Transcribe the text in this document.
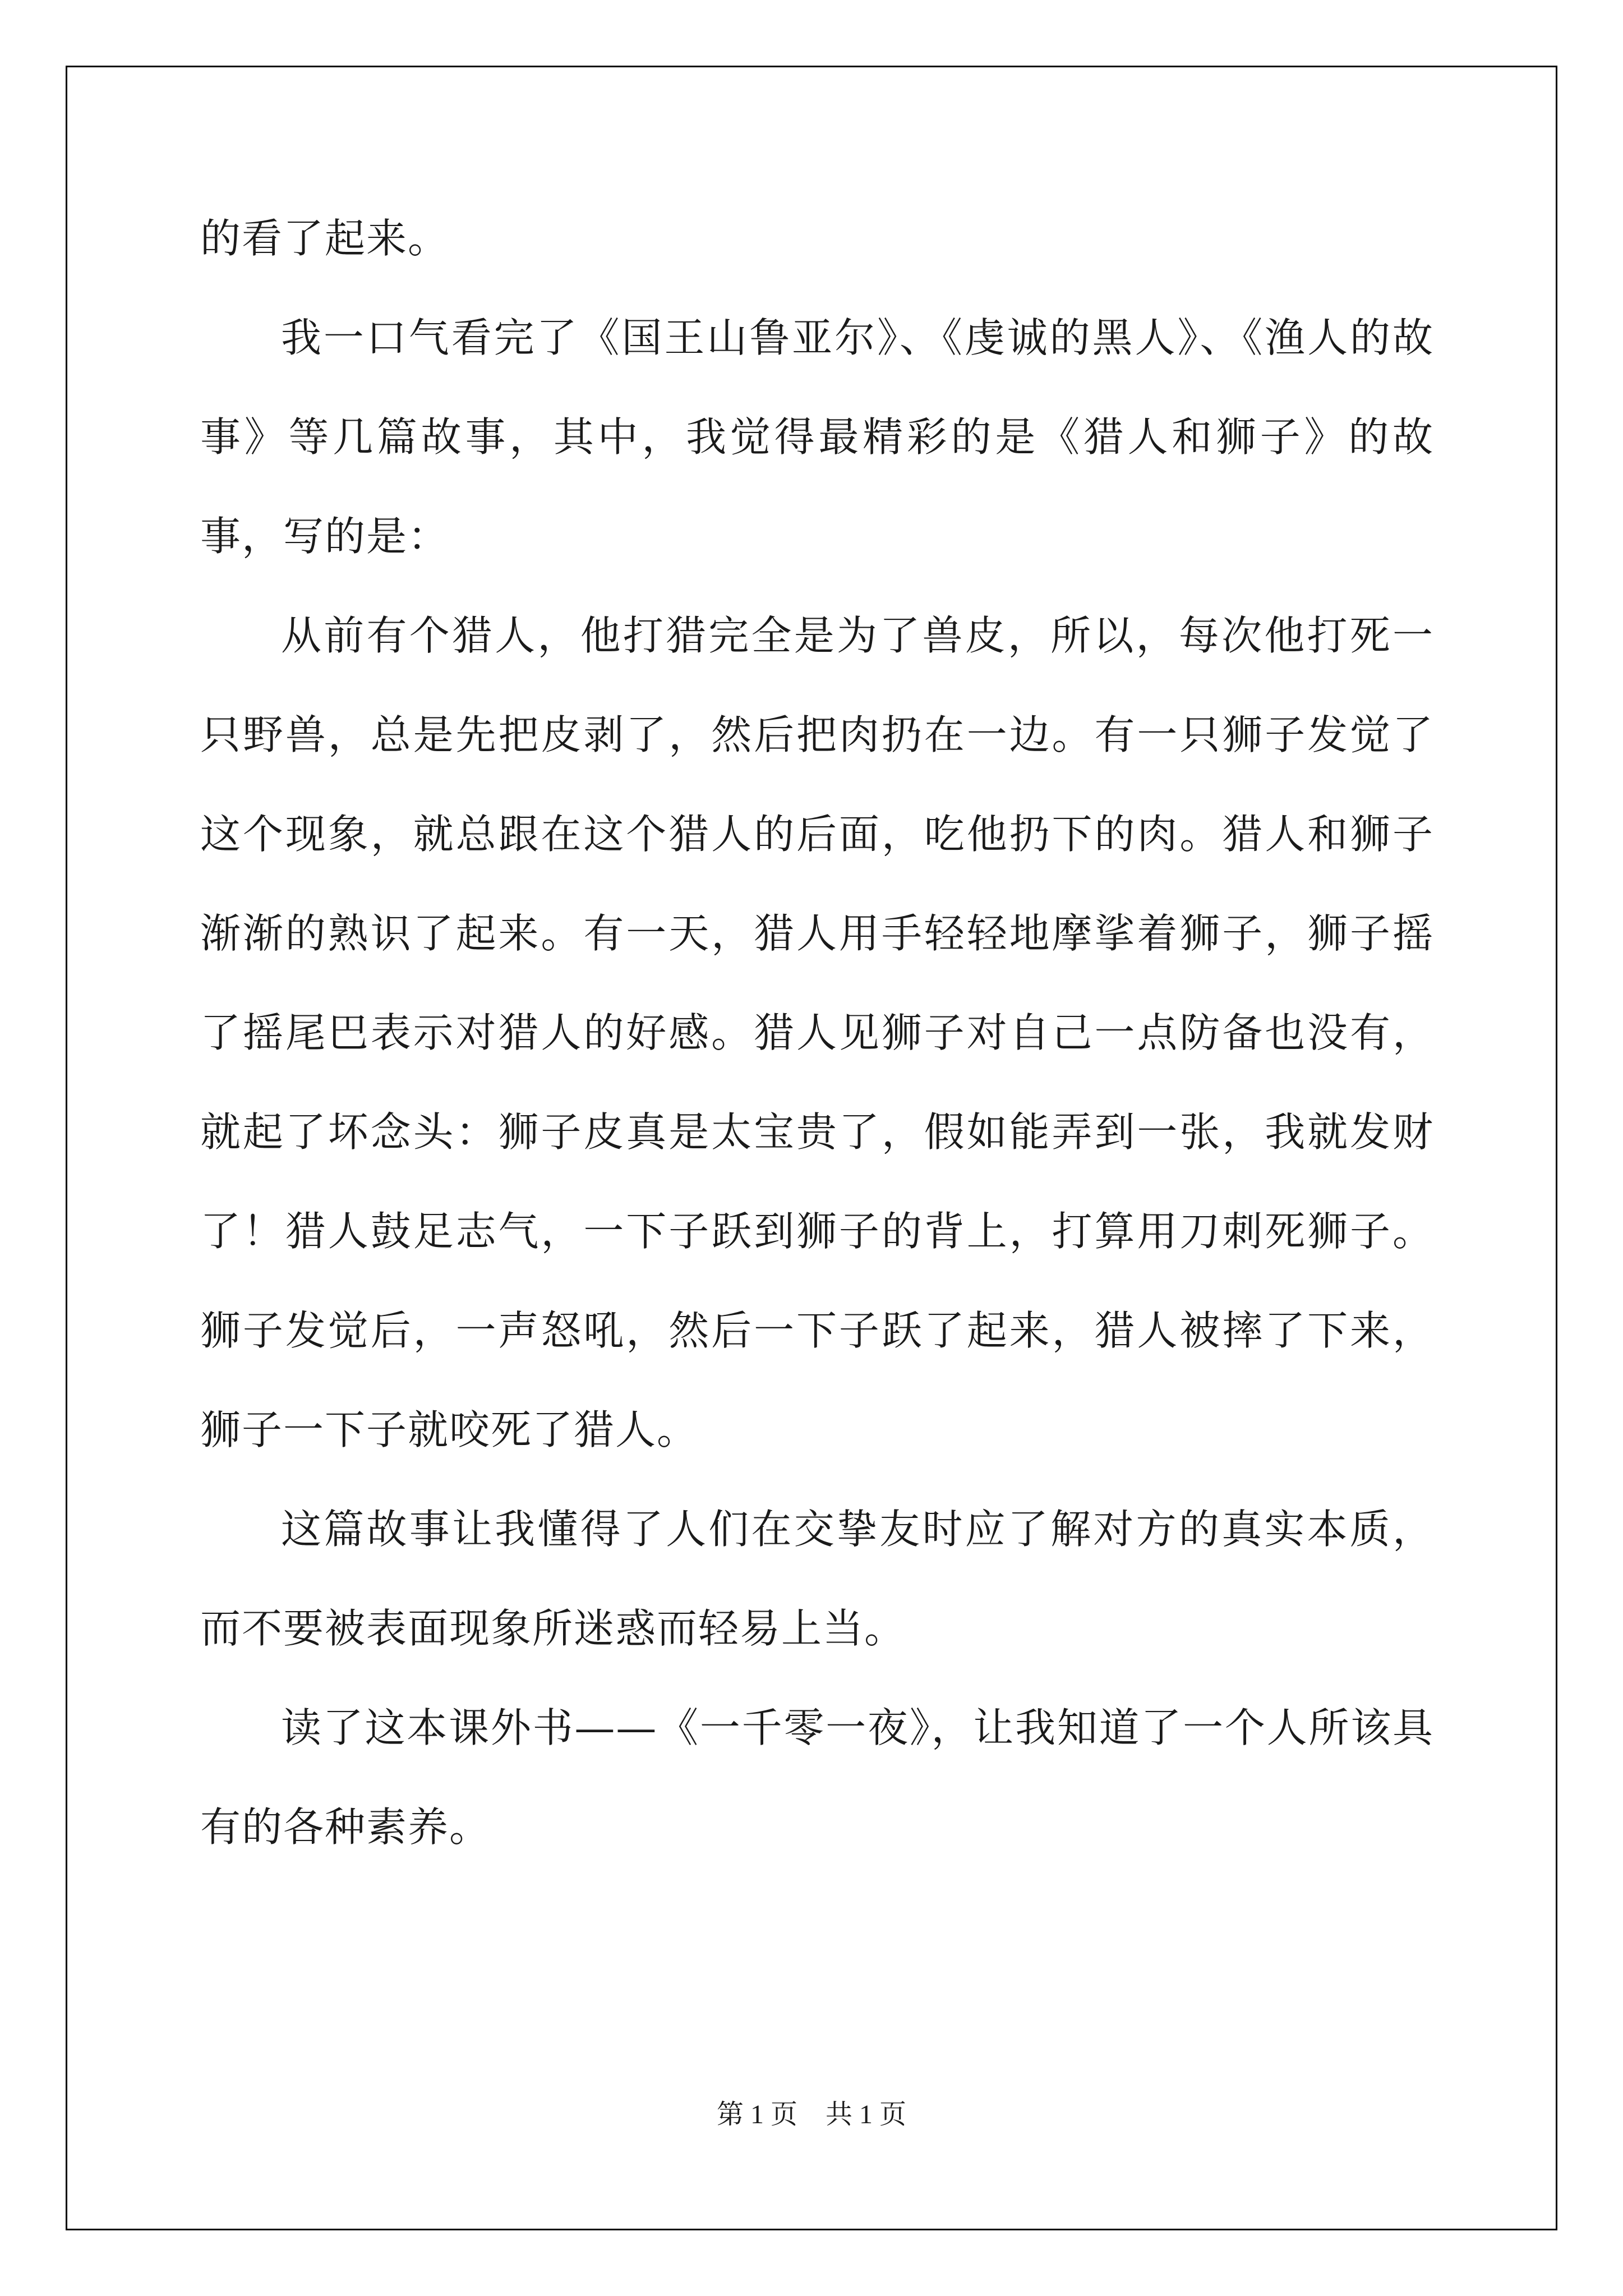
的看了起来。

我一口气看完了《国王山鲁亚尔》、《虔诚的黑人》、《渔人的故事》等几篇故事，其中，我觉得最精彩的是《猎人和狮子》的故事，写的是：

从前有个猎人，他打猎完全是为了兽皮，所以，每次他打死一只野兽，总是先把皮剥了，然后把肉扔在一边。有一只狮子发觉了这个现象，就总跟在这个猎人的后面，吃他扔下的肉。猎人和狮子渐渐的熟识了起来。有一天，猎人用手轻轻地摩挲着狮子，狮子摇了摇尾巴表示对猎人的好感。猎人见狮子对自己一点防备也没有，就起了坏念头：狮子皮真是太宝贵了，假如能弄到一张，我就发财了！猎人鼓足志气，一下子跃到狮子的背上，打算用刀刺死狮子。狮子发觉后，一声怒吼，然后一下子跃了起来，猎人被摔了下来，狮子一下子就咬死了猎人。

这篇故事让我懂得了人们在交挚友时应了解对方的真实本质，而不要被表面现象所迷惑而轻易上当。

读了这本课外书——《一千零一夜》，让我知道了一个人所该具有的各种素养。

第 1 页 共 1 页
